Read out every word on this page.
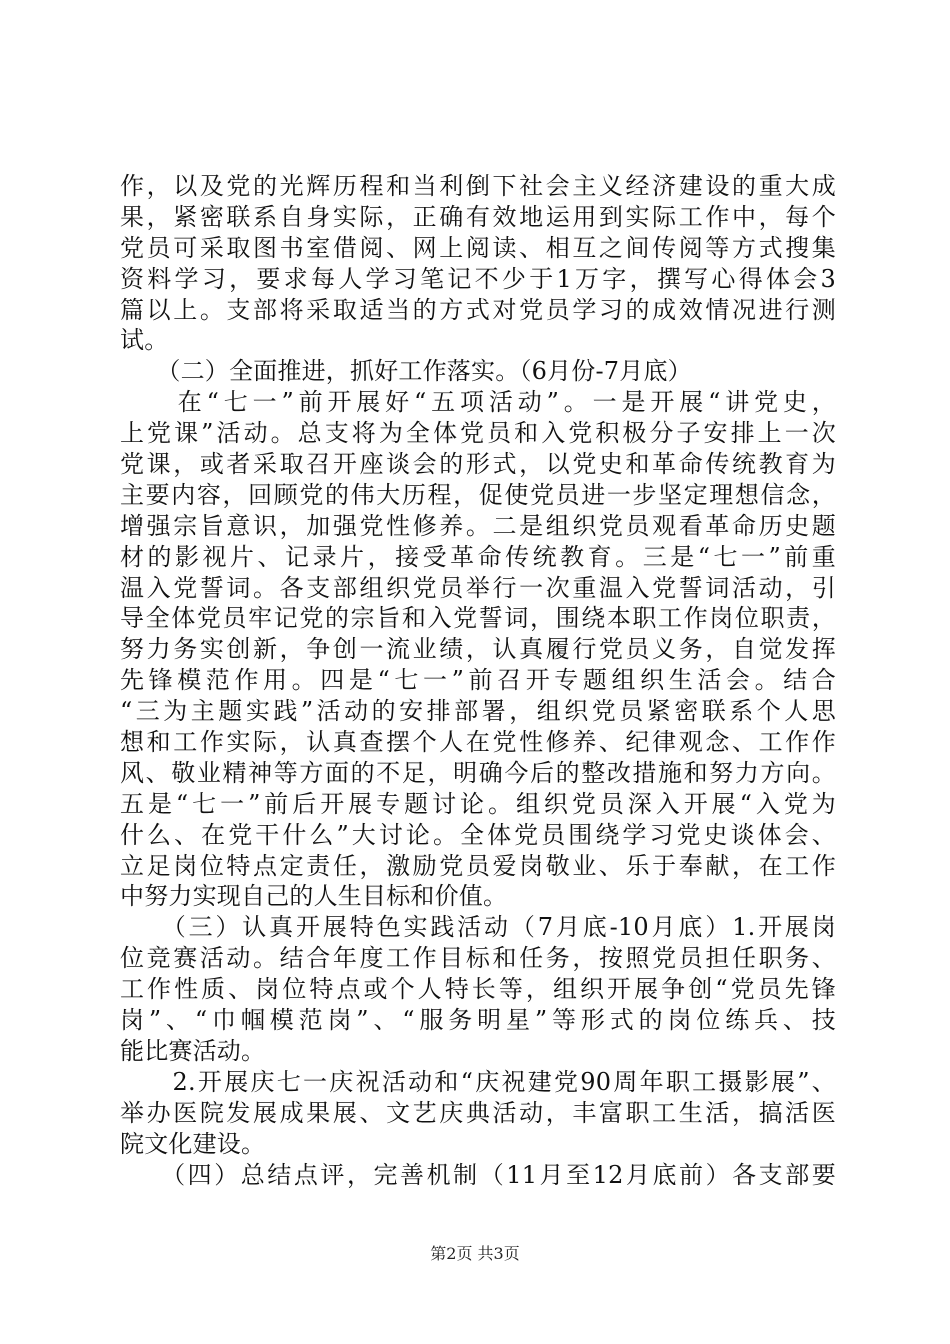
作，以及党的光辉历程和当利倒下社会主义经济建设的重大成
果，紧密联系自身实际，正确有效地运用到实际工作中，每个
党员可采取图书室借阅、网上阅读、相互之间传阅等方式搜集
资料学习，要求每人学习笔记不少于1万字，撰写心得体会3
篇以上。支部将采取适当的方式对党员学习的成效情况进行测
试。
　　（二）全面推进，抓好工作落实。（6月份-7月底）
　　在“七一”前开展好“五项活动”。一是开展“讲党史，
上党课”活动。总支将为全体党员和入党积极分子安排上一次
党课，或者采取召开座谈会的形式，以党史和革命传统教育为
主要内容，回顾党的伟大历程，促使党员进一步坚定理想信念，
增强宗旨意识，加强党性修养。二是组织党员观看革命历史题
材的影视片、记录片，接受革命传统教育。三是“七一”前重
温入党誓词。各支部组织党员举行一次重温入党誓词活动，引
导全体党员牢记党的宗旨和入党誓词，围绕本职工作岗位职责，
努力务实创新，争创一流业绩，认真履行党员义务，自觉发挥
先锋模范作用。四是“七一”前召开专题组织生活会。结合
“三为主题实践”活动的安排部署，组织党员紧密联系个人思
想和工作实际，认真查摆个人在党性修养、纪律观念、工作作
风、敬业精神等方面的不足，明确今后的整改措施和努力方向。
五是“七一”前后开展专题讨论。组织党员深入开展“入党为
什么、在党干什么”大讨论。全体党员围绕学习党史谈体会、
立足岗位特点定责任，激励党员爱岗敬业、乐于奉献，在工作
中努力实现自己的人生目标和价值。
　　（三）认真开展特色实践活动（7月底-10月底）1.开展岗
位竞赛活动。结合年度工作目标和任务，按照党员担任职务、
工作性质、岗位特点或个人特长等，组织开展争创“党员先锋
岗”、“巾帼模范岗”、“服务明星”等形式的岗位练兵、技
能比赛活动。
　　2.开展庆七一庆祝活动和“庆祝建党90周年职工摄影展”、
举办医院发展成果展、文艺庆典活动，丰富职工生活，搞活医
院文化建设。
　　（四）总结点评，完善机制（11月至12月底前）各支部要
第2页 共3页
